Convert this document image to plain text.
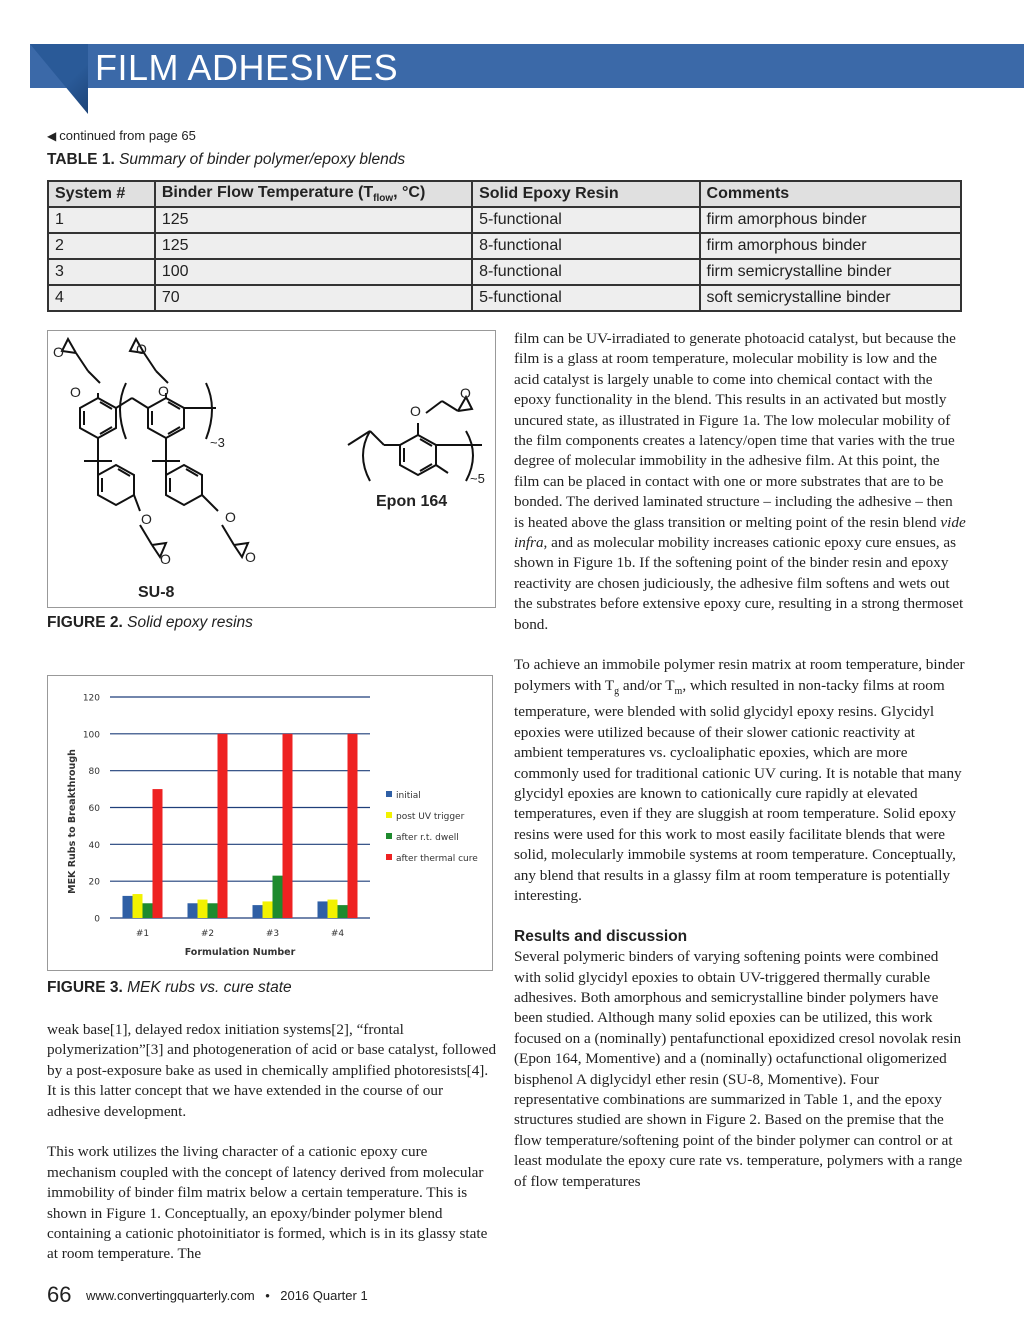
FILM ADHESIVES
◀ continued from page 65
TABLE 1. Summary of binder polymer/epoxy blends
System #	Binder Flow Temperature ($T_{flow}$, °C)	Solid Epoxy Resin	Comments
1	125	5-functional	firm amorphous binder
2	125	8-functional	firm amorphous binder
3	100	8-functional	firm semicrystalline binder
4	70	5-functional	soft semicrystalline binder
O	O
O	O
O	O
O	O
O
O
~3
~5
SU-8
Epon 164
FIGURE 2. Solid epoxy resins
0
20
40
60
80
100
120
#1	#2	#3	#4
Formulation Number
MEK Rubs to Breakthrough	initial
post UV trigger
after r.t. dwell
after thermal cure
FIGURE 3. MEK rubs vs. cure state

weak base[1], delayed redox initiation systems[2], “frontal polymerization”[3] and photogeneration of acid or base catalyst, followed by a post-exposure bake as used in chemically amplified photoresists[4]. It is this latter concept that we have extended in the course of our adhesive development.

This work utilizes the living character of a cationic epoxy cure mechanism coupled with the concept of latency derived from molecular immobility of binder film matrix below a certain temperature. This is shown in Figure 1. Conceptually, an epoxy/binder polymer blend containing a cationic photoinitiator is formed, which is in its glassy state at room temperature. The

film can be UV-irradiated to generate photoacid catalyst, but because the film is a glass at room temperature, molecular mobility is low and the acid catalyst is largely unable to come into chemical contact with the epoxy functionality in the blend. This results in an activated but mostly uncured state, as illustrated in Figure 1a. The low molecular mobility of the film components creates a latency/open time that varies with the true degree of molecular immobility in the adhesive film. At this point, the film can be placed in contact with one or more substrates that are to be bonded. The derived laminated structure – including the adhesive – then is heated above the glass transition or melting point of the resin blend vide infra, and as molecular mobility increases cationic epoxy cure ensues, as shown in Figure 1b. If the softening point of the binder resin and epoxy reactivity are chosen judiciously, the adhesive film softens and wets out the substrates before extensive epoxy cure, resulting in a strong thermoset bond.

To achieve an immobile polymer resin matrix at room temperature, binder polymers with $T_g$ and/or $T_m$, which resulted in non-tacky films at room temperature, were blended with solid glycidyl epoxy resins. Glycidyl epoxies were utilized because of their slower cationic reactivity at ambient temperatures vs. cycloaliphatic epoxies, which are more commonly used for traditional cationic UV curing. It is notable that many glycidyl epoxies are known to cationically cure rapidly at elevated temperatures, even if they are sluggish at room temperature. Solid epoxy resins were used for this work to most easily facilitate blends that were solid, molecularly immobile systems at room temperature. Conceptually, any blend that results in a glassy film at room temperature is potentially interesting.

Results and discussion

Several polymeric binders of varying softening points were combined with solid glycidyl epoxies to obtain UV-triggered thermally curable adhesives. Both amorphous and semicrystalline binder polymers have been studied. Although many solid epoxies can be utilized, this work focused on a (nominally) pentafunctional epoxidized cresol novolak resin (Epon 164, Momentive) and a (nominally) octafunctional oligomerized bisphenol A diglycidyl ether resin (SU-8, Momentive). Four representative combinations are summarized in Table 1, and the epoxy structures studied are shown in Figure 2. Based on the premise that the flow temperature/softening point of the binder polymer can control or at least modulate the epoxy cure rate vs. temperature, polymers with a range of flow temperatures

66 www.convertingquarterly.com • 2016 Quarter 1
